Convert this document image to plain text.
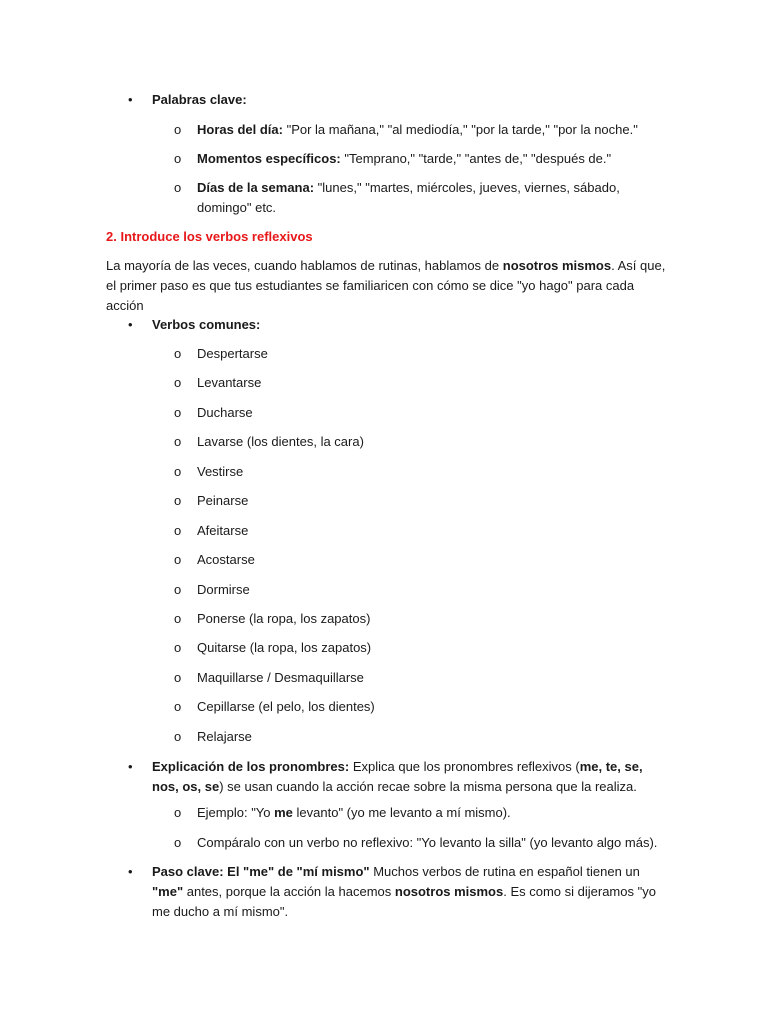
• Palabras clave:
o Horas del día: "Por la mañana," "al mediodía," "por la tarde," "por la noche."
o Momentos específicos: "Temprano," "tarde," "antes de," "después de."
o Días de la semana: "lunes," "martes, miércoles, jueves, viernes, sábado, domingo" etc.
2. Introduce los verbos reflexivos
La mayoría de las veces, cuando hablamos de rutinas, hablamos de nosotros mismos. Así que, el primer paso es que tus estudiantes se familiaricen con cómo se dice "yo hago" para cada acción
• Verbos comunes:
o Despertarse
o Levantarse
o Ducharse
o Lavarse (los dientes, la cara)
o Vestirse
o Peinarse
o Afeitarse
o Acostarse
o Dormirse
o Ponerse (la ropa, los zapatos)
o Quitarse (la ropa, los zapatos)
o Maquillarse / Desmaquillarse
o Cepillarse (el pelo, los dientes)
o Relajarse
• Explicación de los pronombres: Explica que los pronombres reflexivos (me, te, se, nos, os, se) se usan cuando la acción recae sobre la misma persona que la realiza.
o Ejemplo: "Yo me levanto" (yo me levanto a mí mismo).
o Compáralo con un verbo no reflexivo: "Yo levanto la silla" (yo levanto algo más).
• Paso clave: El "me" de "mí mismo" Muchos verbos de rutina en español tienen un "me" antes, porque la acción la hacemos nosotros mismos. Es como si dijeramos "yo me ducho a mí mismo".
